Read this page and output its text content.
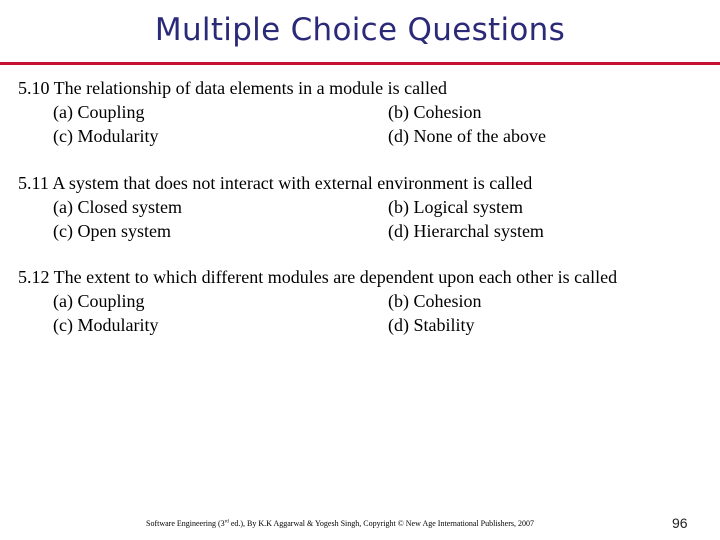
Multiple Choice Questions
5.10 The relationship of data elements in a module is called
(a) Coupling	(b) Cohesion
(c) Modularity	(d) None of the above
5.11 A system that does not interact with external environment is called
(a) Closed system	(b) Logical system
(c) Open system	(d) Hierarchal system
5.12 The extent to which different modules are dependent upon each other is called
(a) Coupling	(b) Cohesion
(c) Modularity	(d) Stability
Software Engineering (3rd ed.), By K.K Aggarwal & Yogesh Singh, Copyright © New Age International Publishers, 2007	96
